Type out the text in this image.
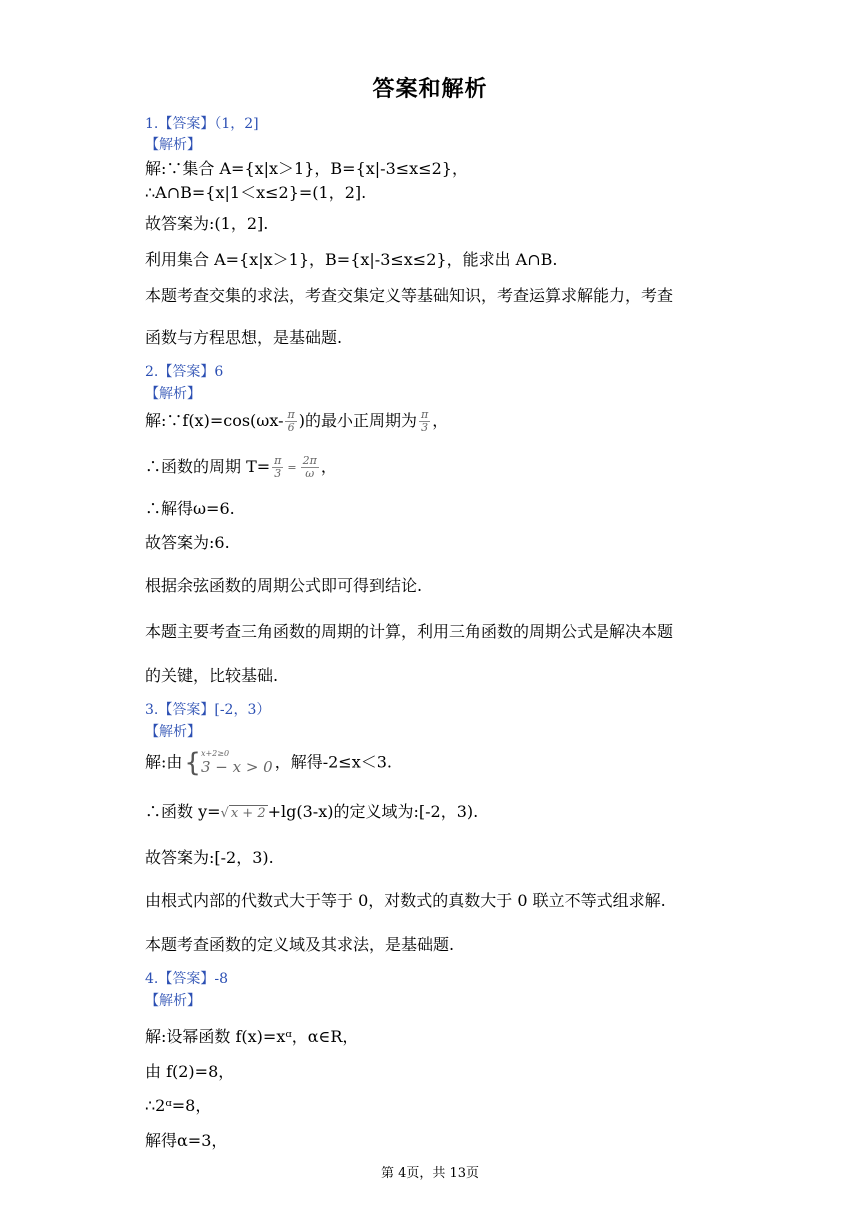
答案和解析
1.【答案】（1，2]
【解析】
解:∵集合 A={x|x＞1}，B={x|-3≤x≤2}，
∴A∩B={x|1＜x≤2}=(1，2].
故答案为:(1，2].
利用集合 A={x|x＞1}，B={x|-3≤x≤2}，能求出 A∩B.
本题考查交集的求法，考查交集定义等基础知识，考查运算求解能力，考查
函数与方程思想，是基础题.
2.【答案】6
【解析】
解:∵f(x)=cos(ωx- $\frac{\pi}{6}$ )的最小正周期为 $\frac{\pi}{3}$ ，
∴函数的周期 $T= \frac{\pi}{3} = \frac{2\pi}{\omega}$ ，
∴解得ω=6.
故答案为:6.
根据余弦函数的周期公式即可得到结论.
本题主要考查三角函数的周期的计算，利用三角函数的周期公式是解决本题
的关键，比较基础.
3.【答案】[-2，3）
【解析】
解:由{ x+2≥0
3 − x > 0 ，解得-2≤x＜3.
∴函数 y=√ x + 2 +lg(3-x)的定义域为:[-2，3).
故答案为:[-2，3).
由根式内部的代数式大于等于 0，对数式的真数大于 0 联立不等式组求解.
本题考查函数的定义域及其求法，是基础题.
4.【答案】-8
【解析】
解:设幂函数 f(x)=xᵅ，α∈R，
由 f(2)=8，
∴2ᵅ=8，
解得α=3，
第 4页，共 13页
